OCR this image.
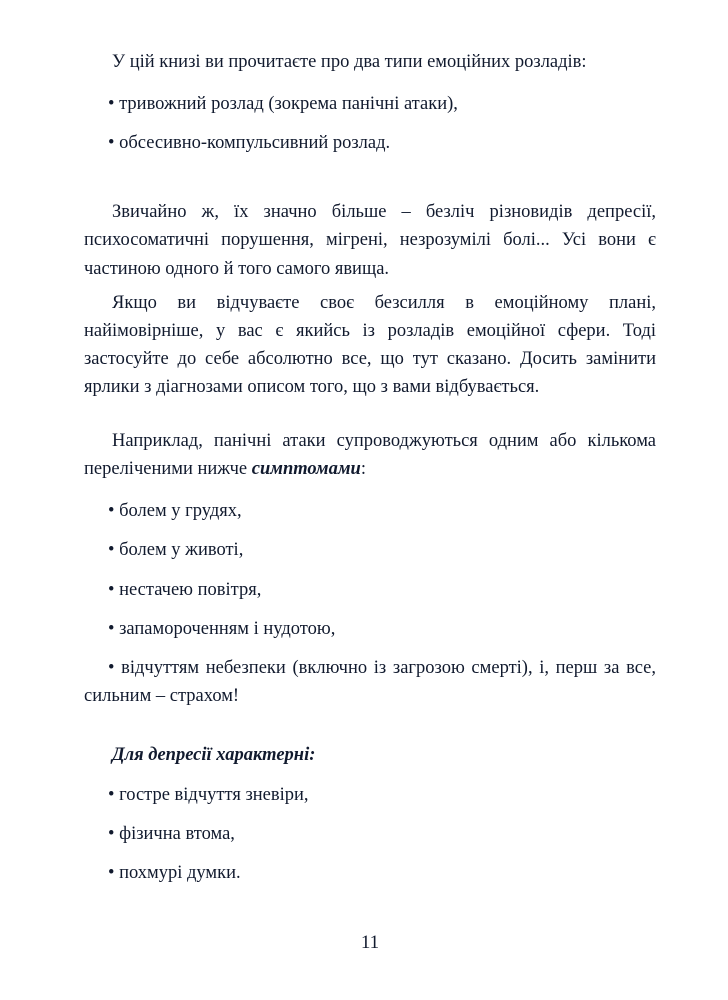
У цій книзі ви прочитаєте про два типи емоційних розладів:

• тривожний розлад (зокрема панічні атаки),

• обсесивно-компульсивний розлад.

Звичайно ж, їх значно більше – безліч різновидів депресії, психосоматичні порушення, мігрені, незрозумілі болі... Усі вони є частиною одного й того самого явища.

Якщо ви відчуваєте своє безсилля в емоційному плані, найімовірніше, у вас є якийсь із розладів емоційної сфери. Тоді застосуйте до себе абсолютно все, що тут сказано. Досить замінити ярлики з діагнозами описом того, що з вами відбувається.

Наприклад, панічні атаки супроводжуються одним або кількома переліченими нижче симптомами:

• болем у грудях,

• болем у животі,

• нестачею повітря,

• запамороченням і нудотою,

• відчуттям небезпеки (включно із загрозою смерті), і, перш за все, сильним – страхом!

Для депресії характерні:

• гостре відчуття зневіри,

• фізична втома,

• похмурі думки.

11
